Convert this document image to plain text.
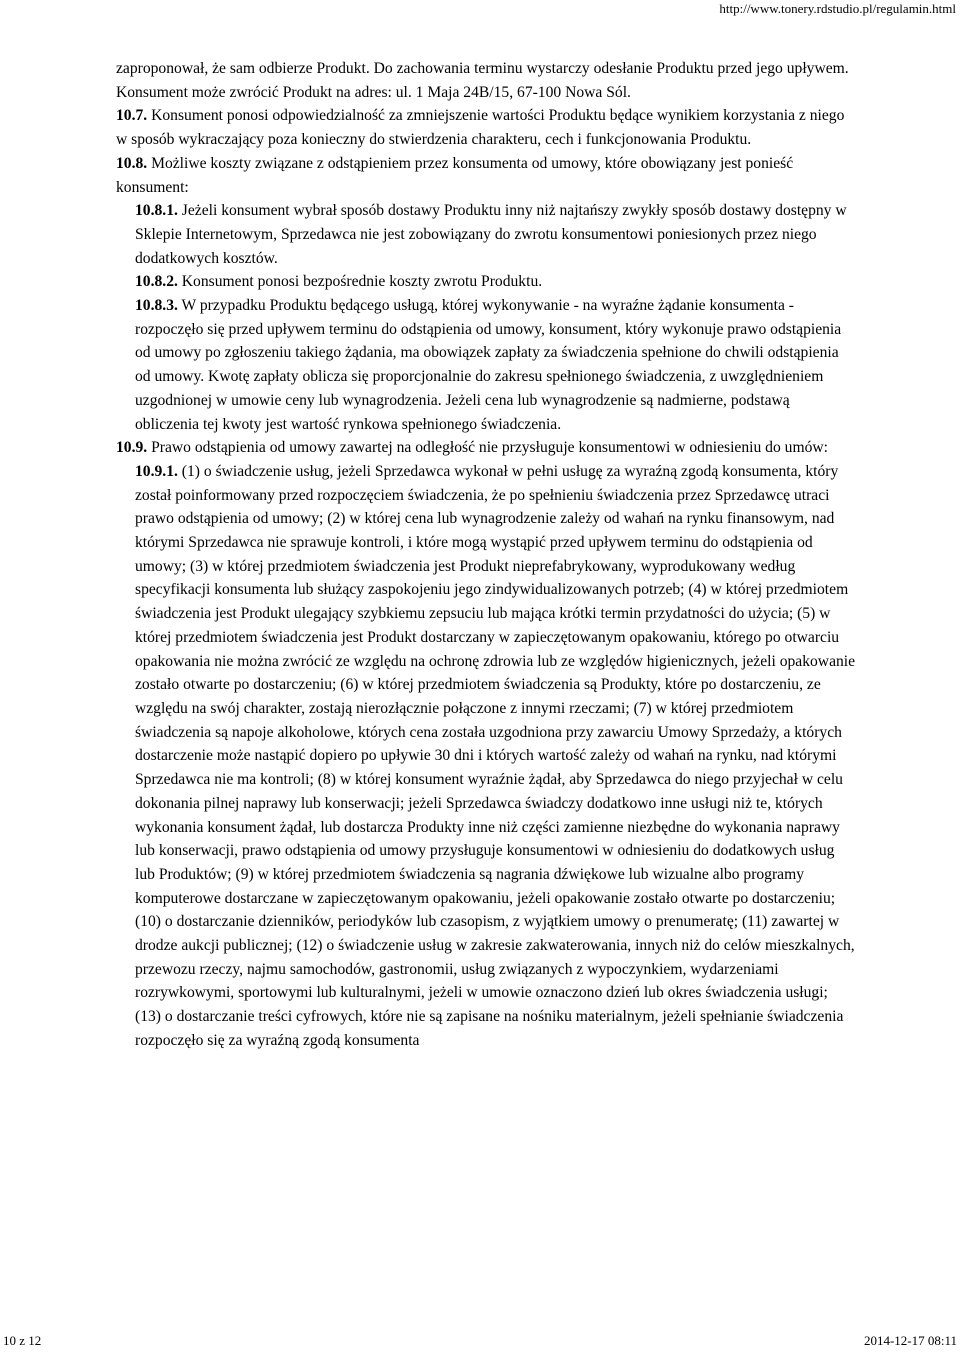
http://www.tonery.rdstudio.pl/regulamin.html

zaproponował, że sam odbierze Produkt. Do zachowania terminu wystarczy odesłanie Produktu przed jego upływem. Konsument może zwrócić Produkt na adres: ul. 1 Maja 24B/15, 67-100 Nowa Sól.

10.7. Konsument ponosi odpowiedzialność za zmniejszenie wartości Produktu będące wynikiem korzystania z niego w sposób wykraczający poza konieczny do stwierdzenia charakteru, cech i funkcjonowania Produktu.

10.8. Możliwe koszty związane z odstąpieniem przez konsumenta od umowy, które obowiązany jest ponieść konsument:

10.8.1. Jeżeli konsument wybrał sposób dostawy Produktu inny niż najtańszy zwykły sposób dostawy dostępny w Sklepie Internetowym, Sprzedawca nie jest zobowiązany do zwrotu konsumentowi poniesionych przez niego dodatkowych kosztów.

10.8.2. Konsument ponosi bezpośrednie koszty zwrotu Produktu.

10.8.3. W przypadku Produktu będącego usługą, której wykonywanie - na wyraźne żądanie konsumenta - rozpoczęło się przed upływem terminu do odstąpienia od umowy, konsument, który wykonuje prawo odstąpienia od umowy po zgłoszeniu takiego żądania, ma obowiązek zapłaty za świadczenia spełnione do chwili odstąpienia od umowy. Kwotę zapłaty oblicza się proporcjonalnie do zakresu spełnionego świadczenia, z uwzględnieniem uzgodnionej w umowie ceny lub wynagrodzenia. Jeżeli cena lub wynagrodzenie są nadmierne, podstawą obliczenia tej kwoty jest wartość rynkowa spełnionego świadczenia.

10.9. Prawo odstąpienia od umowy zawartej na odległość nie przysługuje konsumentowi w odniesieniu do umów:

10.9.1. (1) o świadczenie usług, jeżeli Sprzedawca wykonał w pełni usługę za wyraźną zgodą konsumenta, który został poinformowany przed rozpoczęciem świadczenia, że po spełnieniu świadczenia przez Sprzedawcę utraci prawo odstąpienia od umowy; (2) w której cena lub wynagrodzenie zależy od wahań na rynku finansowym, nad którymi Sprzedawca nie sprawuje kontroli, i które mogą wystąpić przed upływem terminu do odstąpienia od umowy; (3) w której przedmiotem świadczenia jest Produkt nieprefabrykowany, wyprodukowany według specyfikacji konsumenta lub służący zaspokojeniu jego zindywidualizowanych potrzeb; (4) w której przedmiotem świadczenia jest Produkt ulegający szybkiemu zepsuciu lub mająca krótki termin przydatności do użycia; (5) w której przedmiotem świadczenia jest Produkt dostarczany w zapieczętowanym opakowaniu, którego po otwarciu opakowania nie można zwrócić ze względu na ochronę zdrowia lub ze względów higienicznych, jeżeli opakowanie zostało otwarte po dostarczeniu; (6) w której przedmiotem świadczenia są Produkty, które po dostarczeniu, ze względu na swój charakter, zostają nierozłącznie połączone z innymi rzeczami; (7) w której przedmiotem świadczenia są napoje alkoholowe, których cena została uzgodniona przy zawarciu Umowy Sprzedaży, a których dostarczenie może nastąpić dopiero po upływie 30 dni i których wartość zależy od wahań na rynku, nad którymi Sprzedawca nie ma kontroli; (8) w której konsument wyraźnie żądał, aby Sprzedawca do niego przyjechał w celu dokonania pilnej naprawy lub konserwacji; jeżeli Sprzedawca świadczy dodatkowo inne usługi niż te, których wykonania konsument żądał, lub dostarcza Produkty inne niż części zamienne niezbędne do wykonania naprawy lub konserwacji, prawo odstąpienia od umowy przysługuje konsumentowi w odniesieniu do dodatkowych usług lub Produktów; (9) w której przedmiotem świadczenia są nagrania dźwiękowe lub wizualne albo programy komputerowe dostarczane w zapieczętowanym opakowaniu, jeżeli opakowanie zostało otwarte po dostarczeniu; (10) o dostarczanie dzienników, periodyków lub czasopism, z wyjątkiem umowy o prenumeratę; (11) zawartej w drodze aukcji publicznej; (12) o świadczenie usług w zakresie zakwaterowania, innych niż do celów mieszkalnych, przewozu rzeczy, najmu samochodów, gastronomii, usług związanych z wypoczynkiem, wydarzeniami rozrywkowymi, sportowymi lub kulturalnymi, jeżeli w umowie oznaczono dzień lub okres świadczenia usługi; (13) o dostarczanie treści cyfrowych, które nie są zapisane na nośniku materialnym, jeżeli spełnianie świadczenia rozpoczęło się za wyraźną zgodą konsumenta

10 z 12	2014-12-17 08:11
